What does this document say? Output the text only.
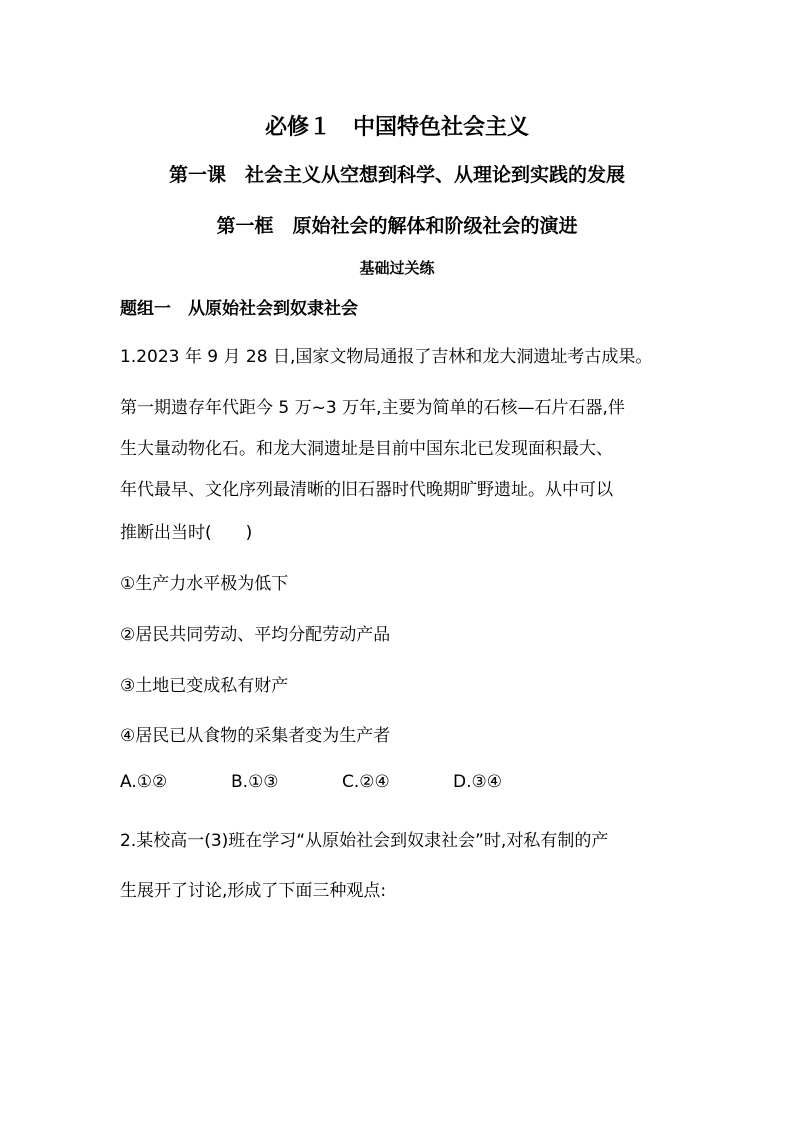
必修１　中国特色社会主义
第一课　社会主义从空想到科学、从理论到实践的发展
第一框　原始社会的解体和阶级社会的演进
基础过关练
题组一　从原始社会到奴隶社会
1.2023 年 9 月 28 日,国家文物局通报了吉林和龙大洞遗址考古成果。
第一期遗存年代距今 5 万~3 万年,主要为简单的石核—石片石器,伴
生大量动物化石。和龙大洞遗址是目前中国东北已发现面积最大、
年代最早、文化序列最清晰的旧石器时代晚期旷野遗址。从中可以
推断出当时(　　)
①生产力水平极为低下
②居民共同劳动、平均分配劳动产品
③土地已变成私有财产
④居民已从食物的采集者变为生产者
A.①②	B.①③	C.②④	D.③④
2.某校高一(3)班在学习“从原始社会到奴隶社会”时,对私有制的产
生展开了讨论,形成了下面三种观点:
